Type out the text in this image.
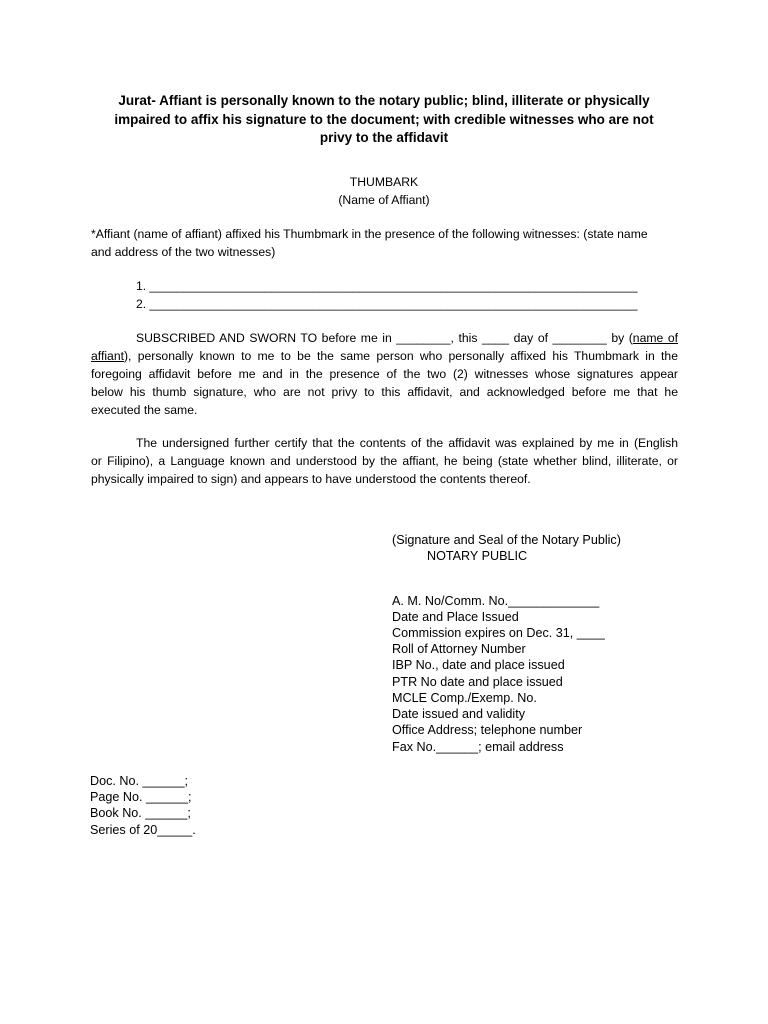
Jurat- Affiant is personally known to the notary public; blind, illiterate or physically
impaired to affix his signature to the document; with credible witnesses who are not
privy to the affidavit
THUMBARK
(Name of Affiant)
*Affiant (name of affiant) affixed his Thumbmark in the presence of the following witnesses: (state name
and address of the two witnesses)
1. ________________________________________________________________________
2. ________________________________________________________________________
SUBSCRIBED AND SWORN TO before me in ________, this ____ day of ________ by (name of
affiant), personally known to me to be the same person who personally affixed his Thumbmark in the
foregoing affidavit before me and in the presence of the two (2) witnesses whose signatures appear
below his thumb signature, who are not privy to this affidavit, and acknowledged before me that he
executed the same.
The undersigned further certify that the contents of the affidavit was explained by me in (English
or Filipino), a Language known and understood by the affiant, he being (state whether blind, illiterate, or
physically impaired to sign) and appears to have understood the contents thereof.
(Signature and Seal of the Notary Public)
NOTARY PUBLIC
A. M. No/Comm. No._____________
Date and Place Issued
Commission expires on Dec. 31, ____
Roll of Attorney Number
IBP No., date and place issued
PTR No date and place issued
MCLE Comp./Exemp. No.
Date issued and validity
Office Address; telephone number
Fax No.______; email address
Doc. No. ______;
Page No. ______;
Book No. ______;
Series of 20_____.
